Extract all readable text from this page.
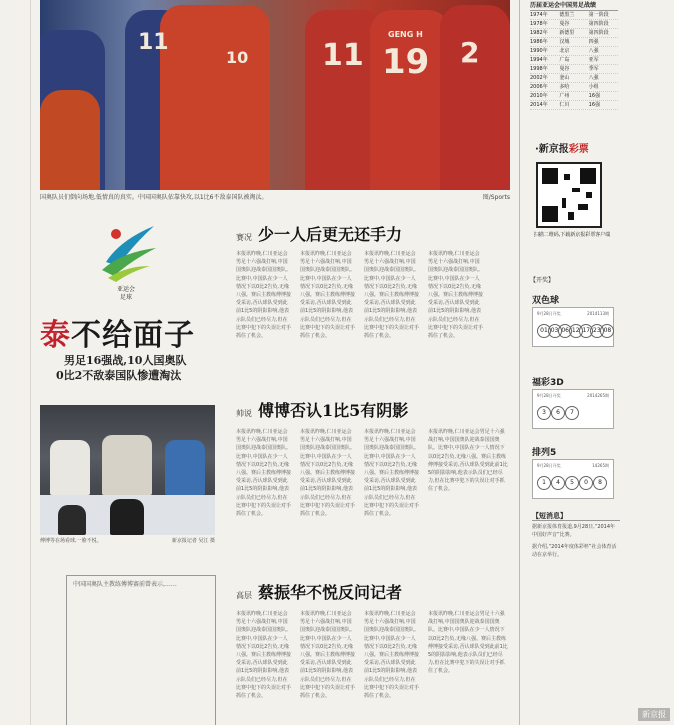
11
10 11 19 2
GENG H
国奥队员们倒向场地,低情真的真实。中国国奥队依靠快攻,以1比6不敌泰国队被淘汰。	图/Sports
历届亚运会中国男足战绩
1974年	德黑兰	第一阶段
1978年	曼谷	第四阶段
1982年	新德里	第四阶段
1986年	汉城	四强
1990年	北京	八强
1994年	广岛	亚军
1998年	曼谷	季军
2002年	釜山	八强
2006年	多哈	小组
2010年	广州	16强
2014年	仁川	16强
·新京报彩票
扫描二维码,下载新京报彩票客户端
【开奖】
双色球
9月28日开奖	2014113期
01 03 06 12 17 23 08
福彩3D
9月28日开奖	2014265期
3	6	7
排列5
9月28日开奖	14265期
1	4	5	0	8
【短消息】

据新京报体育报道,9月28日,“2014年中国好声音”比赛。

据介绍,“2014年度体彩杯”社会体育活动在京举行。

亚运会
足球
泰不给面子
男足16强战,10人国奥队
0比2不敌泰国队惨遭淘汰
傅博等在场看球,一脸不悦。	新京报记者 吴江 摄
中国国奥队主教练傅博赛前曾表示,……
赛况 少一人后更无还手力
本报讯昨晚,仁川亚运会男足十六强战打响,中国国奥队迎战泰国国奥队。比赛中,中国队在少一人情况下以0比2告负,无缘八强。赛后主教练傅博接受采访,否认球队受到此前1比5的阴影影响,他表示队员们已经尽力,但在比赛中犯下的失误让对手抓住了机会。
本报讯昨晚,仁川亚运会男足十六强战打响,中国国奥队迎战泰国国奥队。比赛中,中国队在少一人情况下以0比2告负,无缘八强。赛后主教练傅博接受采访,否认球队受到此前1比5的阴影影响,他表示队员们已经尽力,但在比赛中犯下的失误让对手抓住了机会。
本报讯昨晚,仁川亚运会男足十六强战打响,中国国奥队迎战泰国国奥队。比赛中,中国队在少一人情况下以0比2告负,无缘八强。赛后主教练傅博接受采访,否认球队受到此前1比5的阴影影响,他表示队员们已经尽力,但在比赛中犯下的失误让对手抓住了机会。
本报讯昨晚,仁川亚运会男足十六强战打响,中国国奥队迎战泰国国奥队。比赛中,中国队在少一人情况下以0比2告负,无缘八强。赛后主教练傅博接受采访,否认球队受到此前1比5的阴影影响,他表示队员们已经尽力,但在比赛中犯下的失误让对手抓住了机会。
帅说 傅博否认1比5有阴影
本报讯昨晚,仁川亚运会男足十六强战打响,中国国奥队迎战泰国国奥队。比赛中,中国队在少一人情况下以0比2告负,无缘八强。赛后主教练傅博接受采访,否认球队受到此前1比5的阴影影响,他表示队员们已经尽力,但在比赛中犯下的失误让对手抓住了机会。
本报讯昨晚,仁川亚运会男足十六强战打响,中国国奥队迎战泰国国奥队。比赛中,中国队在少一人情况下以0比2告负,无缘八强。赛后主教练傅博接受采访,否认球队受到此前1比5的阴影影响,他表示队员们已经尽力,但在比赛中犯下的失误让对手抓住了机会。
本报讯昨晚,仁川亚运会男足十六强战打响,中国国奥队迎战泰国国奥队。比赛中,中国队在少一人情况下以0比2告负,无缘八强。赛后主教练傅博接受采访,否认球队受到此前1比5的阴影影响,他表示队员们已经尽力,但在比赛中犯下的失误让对手抓住了机会。
本报讯昨晚,仁川亚运会男足十六强战打响,中国国奥队迎战泰国国奥队。比赛中,中国队在少一人情况下以0比2告负,无缘八强。赛后主教练傅博接受采访,否认球队受到此前1比5的阴影影响,他表示队员们已经尽力,但在比赛中犯下的失误让对手抓住了机会。
高层 蔡振华不悦反问记者
本报讯昨晚,仁川亚运会男足十六强战打响,中国国奥队迎战泰国国奥队。比赛中,中国队在少一人情况下以0比2告负,无缘八强。赛后主教练傅博接受采访,否认球队受到此前1比5的阴影影响,他表示队员们已经尽力,但在比赛中犯下的失误让对手抓住了机会。
本报讯昨晚,仁川亚运会男足十六强战打响,中国国奥队迎战泰国国奥队。比赛中,中国队在少一人情况下以0比2告负,无缘八强。赛后主教练傅博接受采访,否认球队受到此前1比5的阴影影响,他表示队员们已经尽力,但在比赛中犯下的失误让对手抓住了机会。
本报讯昨晚,仁川亚运会男足十六强战打响,中国国奥队迎战泰国国奥队。比赛中,中国队在少一人情况下以0比2告负,无缘八强。赛后主教练傅博接受采访,否认球队受到此前1比5的阴影影响,他表示队员们已经尽力,但在比赛中犯下的失误让对手抓住了机会。
本报讯昨晚,仁川亚运会男足十六强战打响,中国国奥队迎战泰国国奥队。比赛中,中国队在少一人情况下以0比2告负,无缘八强。赛后主教练傅博接受采访,否认球队受到此前1比5的阴影影响,他表示队员们已经尽力,但在比赛中犯下的失误让对手抓住了机会。
新京报
